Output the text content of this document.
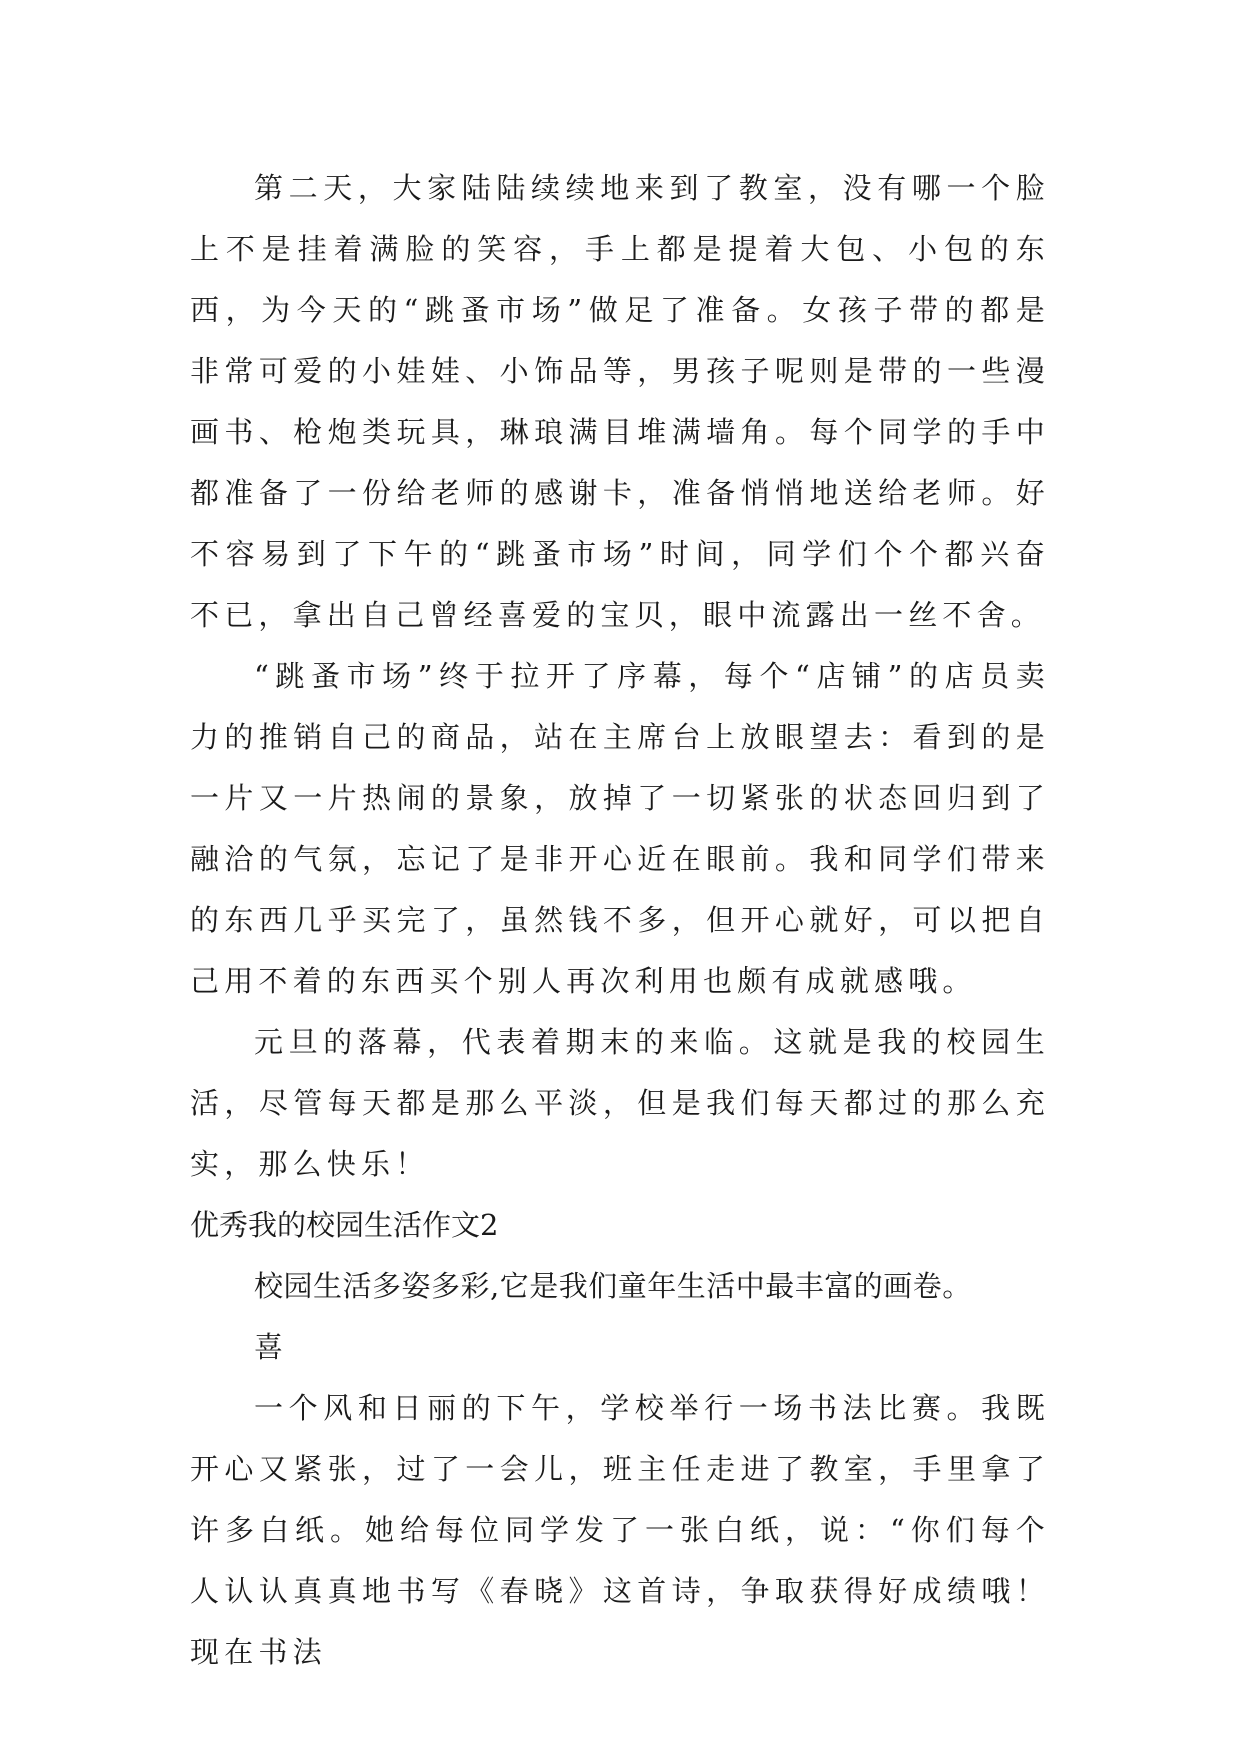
第二天，大家陆陆续续地来到了教室，没有哪一个脸上不是挂着满脸的笑容，手上都是提着大包、小包的东西，为今天的“跳蚤市场”做足了准备。女孩子带的都是非常可爱的小娃娃、小饰品等，男孩子呢则是带的一些漫画书、枪炮类玩具，琳琅满目堆满墙角。每个同学的手中都准备了一份给老师的感谢卡，准备悄悄地送给老师。好不容易到了下午的“跳蚤市场”时间，同学们个个都兴奋不已，拿出自己曾经喜爱的宝贝，眼中流露出一丝不舍。

“跳蚤市场”终于拉开了序幕，每个“店铺”的店员卖力的推销自己的商品，站在主席台上放眼望去：看到的是一片又一片热闹的景象，放掉了一切紧张的状态回归到了融洽的气氛，忘记了是非开心近在眼前。我和同学们带来的东西几乎买完了，虽然钱不多，但开心就好，可以把自己用不着的东西买个别人再次利用也颇有成就感哦。

元旦的落幕，代表着期末的来临。这就是我的校园生活，尽管每天都是那么平淡，但是我们每天都过的那么充实，那么快乐！

优秀我的校园生活作文2

校园生活多姿多彩,它是我们童年生活中最丰富的画卷。

喜

一个风和日丽的下午，学校举行一场书法比赛。我既开心又紧张，过了一会儿，班主任走进了教室，手里拿了许多白纸。她给每位同学发了一张白纸，说：“你们每个人认认真真地书写《春晓》这首诗，争取获得好成绩哦！现在书法
